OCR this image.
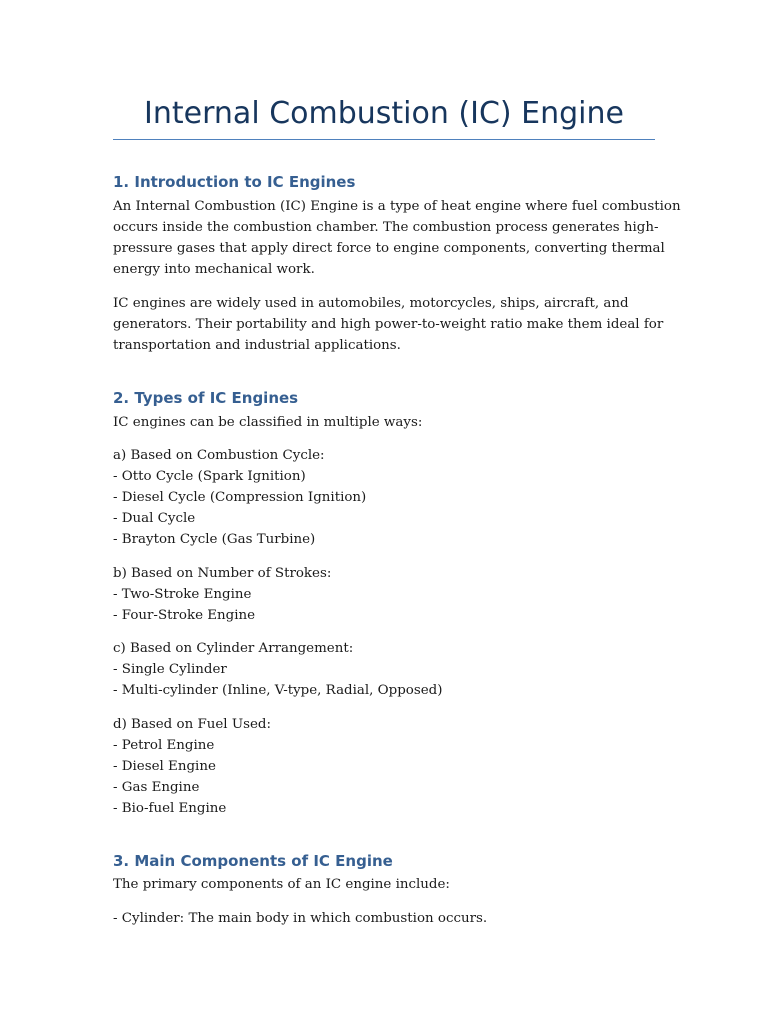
Internal Combustion (IC) Engine
1. Introduction to IC Engines

An Internal Combustion (IC) Engine is a type of heat engine where fuel combustion
occurs inside the combustion chamber. The combustion process generates high-
pressure gases that apply direct force to engine components, converting thermal
energy into mechanical work.

IC engines are widely used in automobiles, motorcycles, ships, aircraft, and
generators. Their portability and high power-to-weight ratio make them ideal for
transportation and industrial applications.

2. Types of IC Engines

IC engines can be classified in multiple ways:

a) Based on Combustion Cycle:
- Otto Cycle (Spark Ignition)
- Diesel Cycle (Compression Ignition)
- Dual Cycle
- Brayton Cycle (Gas Turbine)

b) Based on Number of Strokes:
- Two-Stroke Engine
- Four-Stroke Engine

c) Based on Cylinder Arrangement:
- Single Cylinder
- Multi-cylinder (Inline, V-type, Radial, Opposed)

d) Based on Fuel Used:
- Petrol Engine
- Diesel Engine
- Gas Engine
- Bio-fuel Engine

3. Main Components of IC Engine

The primary components of an IC engine include:

- Cylinder: The main body in which combustion occurs.
